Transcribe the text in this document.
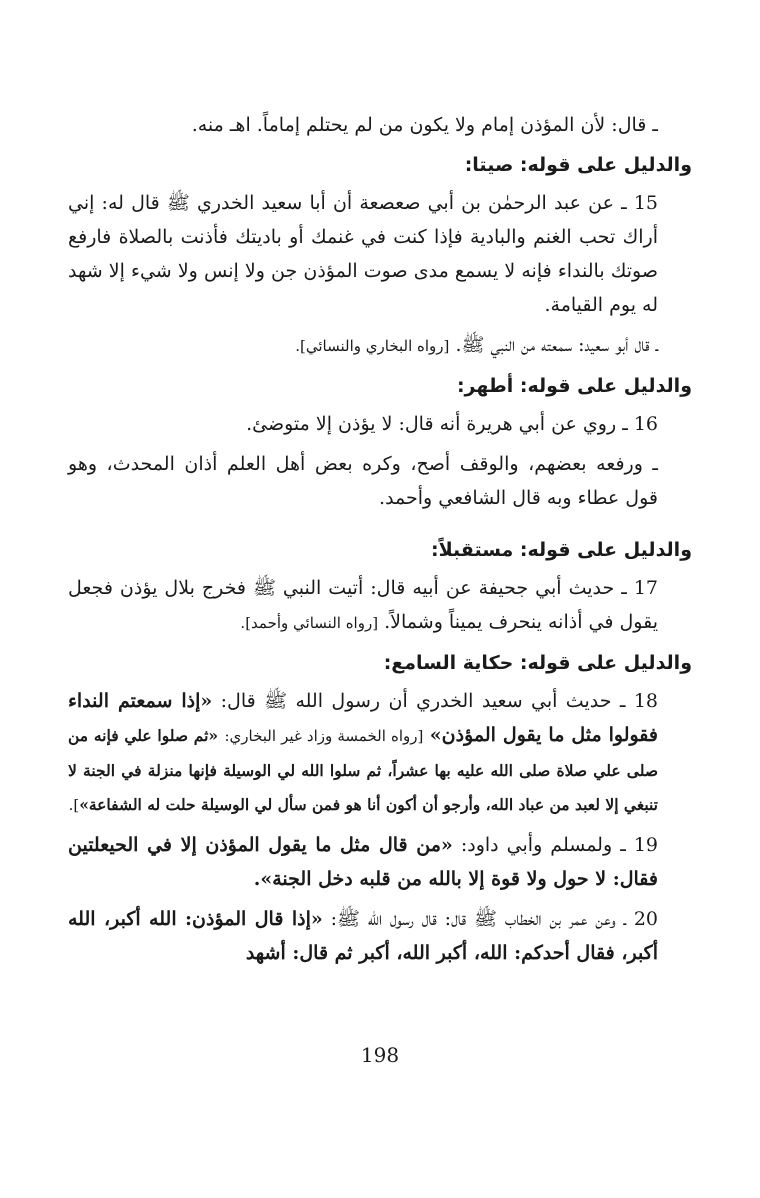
ـ قال: لأن المؤذن إمام ولا يكون من لم يحتلم إماماً. اهـ منه.
والدليل على قوله: صيتا:
15 ـ عن عبد الرحمٰن بن أبي صعصعة أن أبا سعيد الخدري ﷺ قال له: إني أراك تحب الغنم والبادية فإذا كنت في غنمك أو باديتك فأذنت بالصلاة فارفع صوتك بالنداء فإنه لا يسمع مدى صوت المؤذن جن ولا إنس ولا شيء إلا شهد له يوم القيامة.
ـ قال أبو سعيد: سمعته من النبي ﷺ. [رواه البخاري والنسائي].
والدليل على قوله: أطهر:
16 ـ روي عن أبي هريرة أنه قال: لا يؤذن إلا متوضئ.
ـ ورفعه بعضهم، والوقف أصح، وكره بعض أهل العلم أذان المحدث، وهو قول عطاء وبه قال الشافعي وأحمد.
والدليل على قوله: مستقبلاً:
17 ـ حديث أبي جحيفة عن أبيه قال: أتيت النبي ﷺ فخرج بلال يؤذن فجعل يقول في أذانه ينحرف يميناً وشمالاً. [رواه النسائي وأحمد].
والدليل على قوله: حكاية السامع:
18 ـ حديث أبي سعيد الخدري أن رسول الله ﷺ قال: «إذا سمعتم النداء فقولوا مثل ما يقول المؤذن» [رواه الخمسة وزاد غير البخاري: «ثم صلوا علي فإنه من صلى علي صلاة صلى الله عليه بها عشراً، ثم سلوا الله لي الوسيلة فإنها منزلة في الجنة لا تنبغي إلا لعبد من عباد الله، وأرجو أن أكون أنا هو فمن سأل لي الوسيلة حلت له الشفاعة»].
19 ـ ولمسلم وأبي داود: «من قال مثل ما يقول المؤذن إلا في الحيعلتين فقال: لا حول ولا قوة إلا بالله من قلبه دخل الجنة».
20 ـ وعن عمر بن الخطاب ﷺ قال: قال رسول الله ﷺ: «إذا قال المؤذن: الله أكبر، الله أكبر، فقال أحدكم: الله، أكبر الله، أكبر ثم قال: أشهد
198
